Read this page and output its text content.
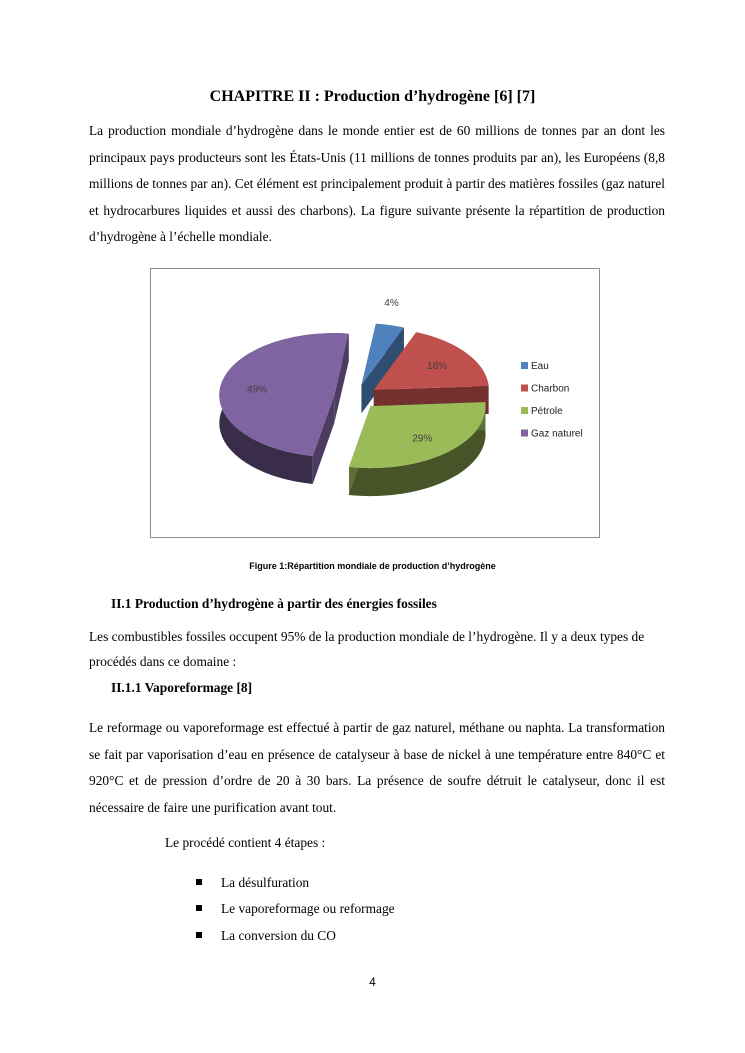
CHAPITRE II : Production d’hydrogène [6] [7]

La production mondiale d’hydrogène dans le monde entier est de 60 millions de tonnes par an dont les principaux pays producteurs sont les États-Unis (11 millions de tonnes produits par an), les Européens (8,8 millions de tonnes par an). Cet élément est principalement produit à partir des matières fossiles (gaz naturel et hydrocarbures liquides et aussi des charbons). La figure suivante présente la répartition de production d’hydrogène à l’échelle mondiale.

4%
18%
29%
49%
Eau
Charbon
Pétrole
Gaz naturel
Figure 1:Répartition mondiale de production d’hydrogène
II.1 Production d’hydrogène à partir des énergies fossiles

Les combustibles fossiles occupent 95% de la production mondiale de l’hydrogène. Il y a deux types de procédés dans ce domaine :

II.1.1 Vaporeformage [8]

Le reformage ou vaporeformage est effectué à partir de gaz naturel, méthane ou naphta. La transformation se fait par vaporisation d’eau en présence de catalyseur à base de nickel à une température entre 840°C et 920°C et de pression d’ordre de 20 à 30 bars. La présence de soufre détruit le catalyseur, donc il est nécessaire de faire une purification avant tout.

Le procédé contient 4 étapes :
La désulfuration
Le vaporeformage ou reformage
La conversion du CO
4
